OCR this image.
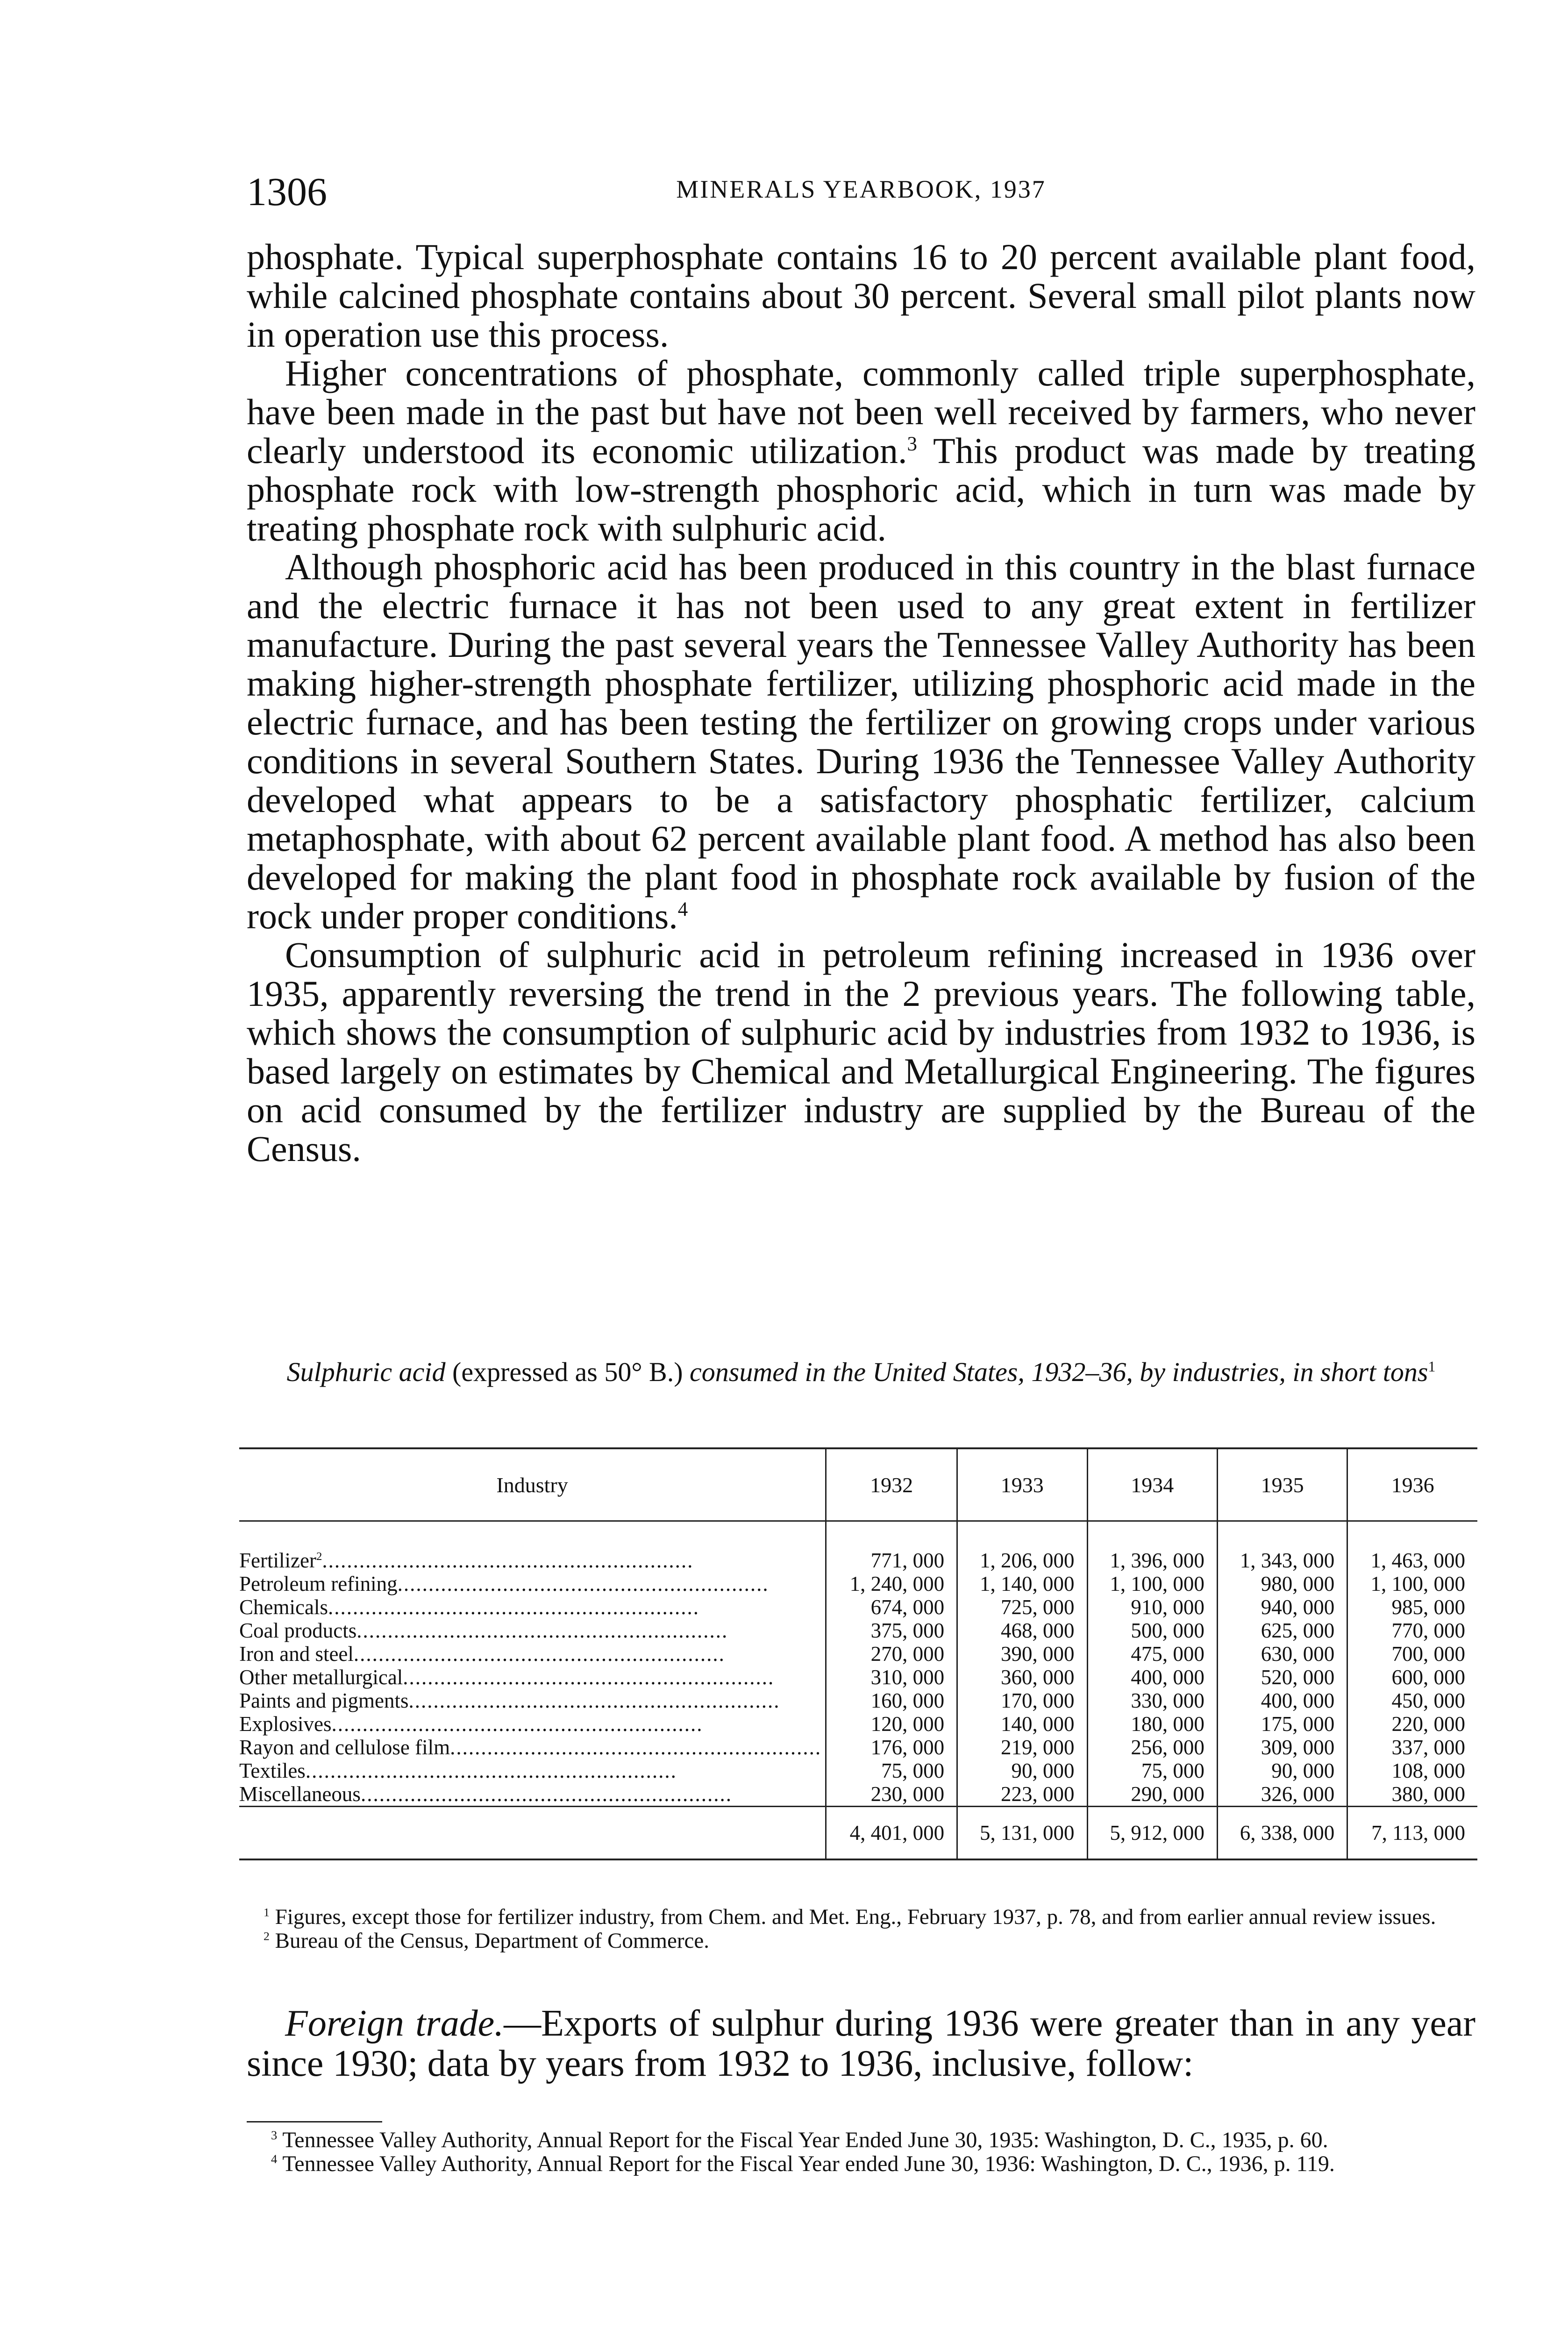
1306	MINERALS YEARBOOK, 1937

phosphate. Typical superphosphate contains 16 to 20 percent available plant food, while calcined phosphate contains about 30 percent. Several small pilot plants now in operation use this process.

Higher concentrations of phosphate, commonly called triple superphosphate, have been made in the past but have not been well received by farmers, who never clearly understood its economic utilization.$^3$ This product was made by treating phosphate rock with low-strength phosphoric acid, which in turn was made by treating phosphate rock with sulphuric acid.

Although phosphoric acid has been produced in this country in the blast furnace and the electric furnace it has not been used to any great extent in fertilizer manufacture. During the past several years the Tennessee Valley Authority has been making higher-strength phosphate fertilizer, utilizing phosphoric acid made in the electric furnace, and has been testing the fertilizer on growing crops under various conditions in several Southern States. During 1936 the Tennessee Valley Authority developed what appears to be a satisfactory phosphatic fertilizer, calcium metaphosphate, with about 62 percent available plant food. A method has also been developed for making the plant food in phosphate rock available by fusion of the rock under proper conditions.$^4$

Consumption of sulphuric acid in petroleum refining increased in 1936 over 1935, apparently reversing the trend in the 2 previous years. The following table, which shows the consumption of sulphuric acid by industries from 1932 to 1936, is based largely on estimates by Chemical and Metallurgical Engineering. The figures on acid consumed by the fertilizer industry are supplied by the Bureau of the Census.

Sulphuric acid (expressed as 50° B.) consumed in the United States, 1932–36, by industries, in short tons$^1$
Industry	1932	1933	1934	1935	1936
Fertilizer$^2$............................................................	771, 000	1, 206, 000	1, 396, 000	1, 343, 000	1, 463, 000
Petroleum refining............................................................	1, 240, 000	1, 140, 000	1, 100, 000	980, 000	1, 100, 000
Chemicals............................................................	674, 000	725, 000	910, 000	940, 000	985, 000
Coal products............................................................	375, 000	468, 000	500, 000	625, 000	770, 000
Iron and steel............................................................	270, 000	390, 000	475, 000	630, 000	700, 000
Other metallurgical............................................................	310, 000	360, 000	400, 000	520, 000	600, 000
Paints and pigments............................................................	160, 000	170, 000	330, 000	400, 000	450, 000
Explosives............................................................	120, 000	140, 000	180, 000	175, 000	220, 000
Rayon and cellulose film............................................................	176, 000	219, 000	256, 000	309, 000	337, 000
Textiles............................................................	75, 000	90, 000	75, 000	90, 000	108, 000
Miscellaneous............................................................	230, 000	223, 000	290, 000	326, 000	380, 000
	4, 401, 000	5, 131, 000	5, 912, 000	6, 338, 000	7, 113, 000

$^1$ Figures, except those for fertilizer industry, from Chem. and Met. Eng., February 1937, p. 78, and from earlier annual review issues.

$^2$ Bureau of the Census, Department of Commerce.

Foreign trade.—Exports of sulphur during 1936 were greater than in any year since 1930; data by years from 1932 to 1936, inclusive, follow:

$^3$ Tennessee Valley Authority, Annual Report for the Fiscal Year Ended June 30, 1935: Washington, D. C., 1935, p. 60.

$^4$ Tennessee Valley Authority, Annual Report for the Fiscal Year ended June 30, 1936: Washington, D. C., 1936, p. 119.
